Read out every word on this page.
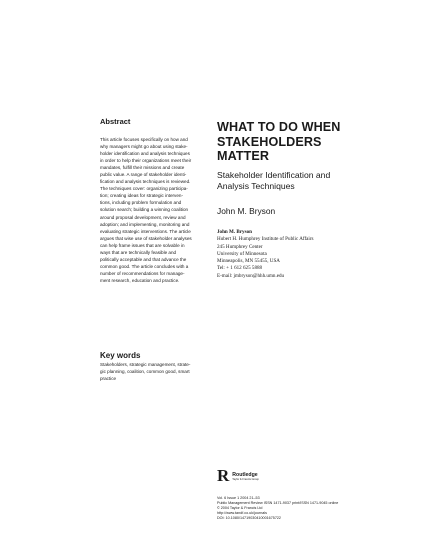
Abstract
This article focuses specifically on how and
why managers might go about using stake-
holder identification and analysis techniques
in order to help their organizations meet their
mandates, fulfill their missions and create
public value. A range of stakeholder identi-
fication and analysis techniques is reviewed.
The techniques cover: organizing participa-
tion; creating ideas for strategic interven-
tions, including problem formulation and
solution search; building a winning coalition
around proposal development, review and
adoption; and implementing, monitoring and
evaluating strategic interventions. The article
argues that wise use of stakeholder analyses
can help frame issues that are solvable in
ways that are technically feasible and
politically acceptable and that advance the
common good. The article concludes with a
number of recommendations for manage-
ment research, education and practice.
Key words
Stakeholders, strategic management, strate-
gic planning, coalition, common good, smart
practice
WHAT TO DO WHEN
STAKEHOLDERS
MATTER
Stakeholder Identification and
Analysis Techniques
John M. Bryson
John M. Bryson
Hubert H. Humphrey Institute of Public Affairs
245 Humphrey Center
University of Minnesota
Minneapolis, MN 55455, USA
Tel: + 1 612 625 5888
E-mail: jmbryson@hhh.umn.edu
R Routledge
Taylor & Francis Group
Vol. 6 Issue 1 2004 21–53
Public Management Review ISSN 1471-9037 print/ISSN 1471-9045 online
© 2004 Taylor & Francis Ltd
http://www.tandf.co.uk/journals
DOI: 10.1080/14719030410001675722
